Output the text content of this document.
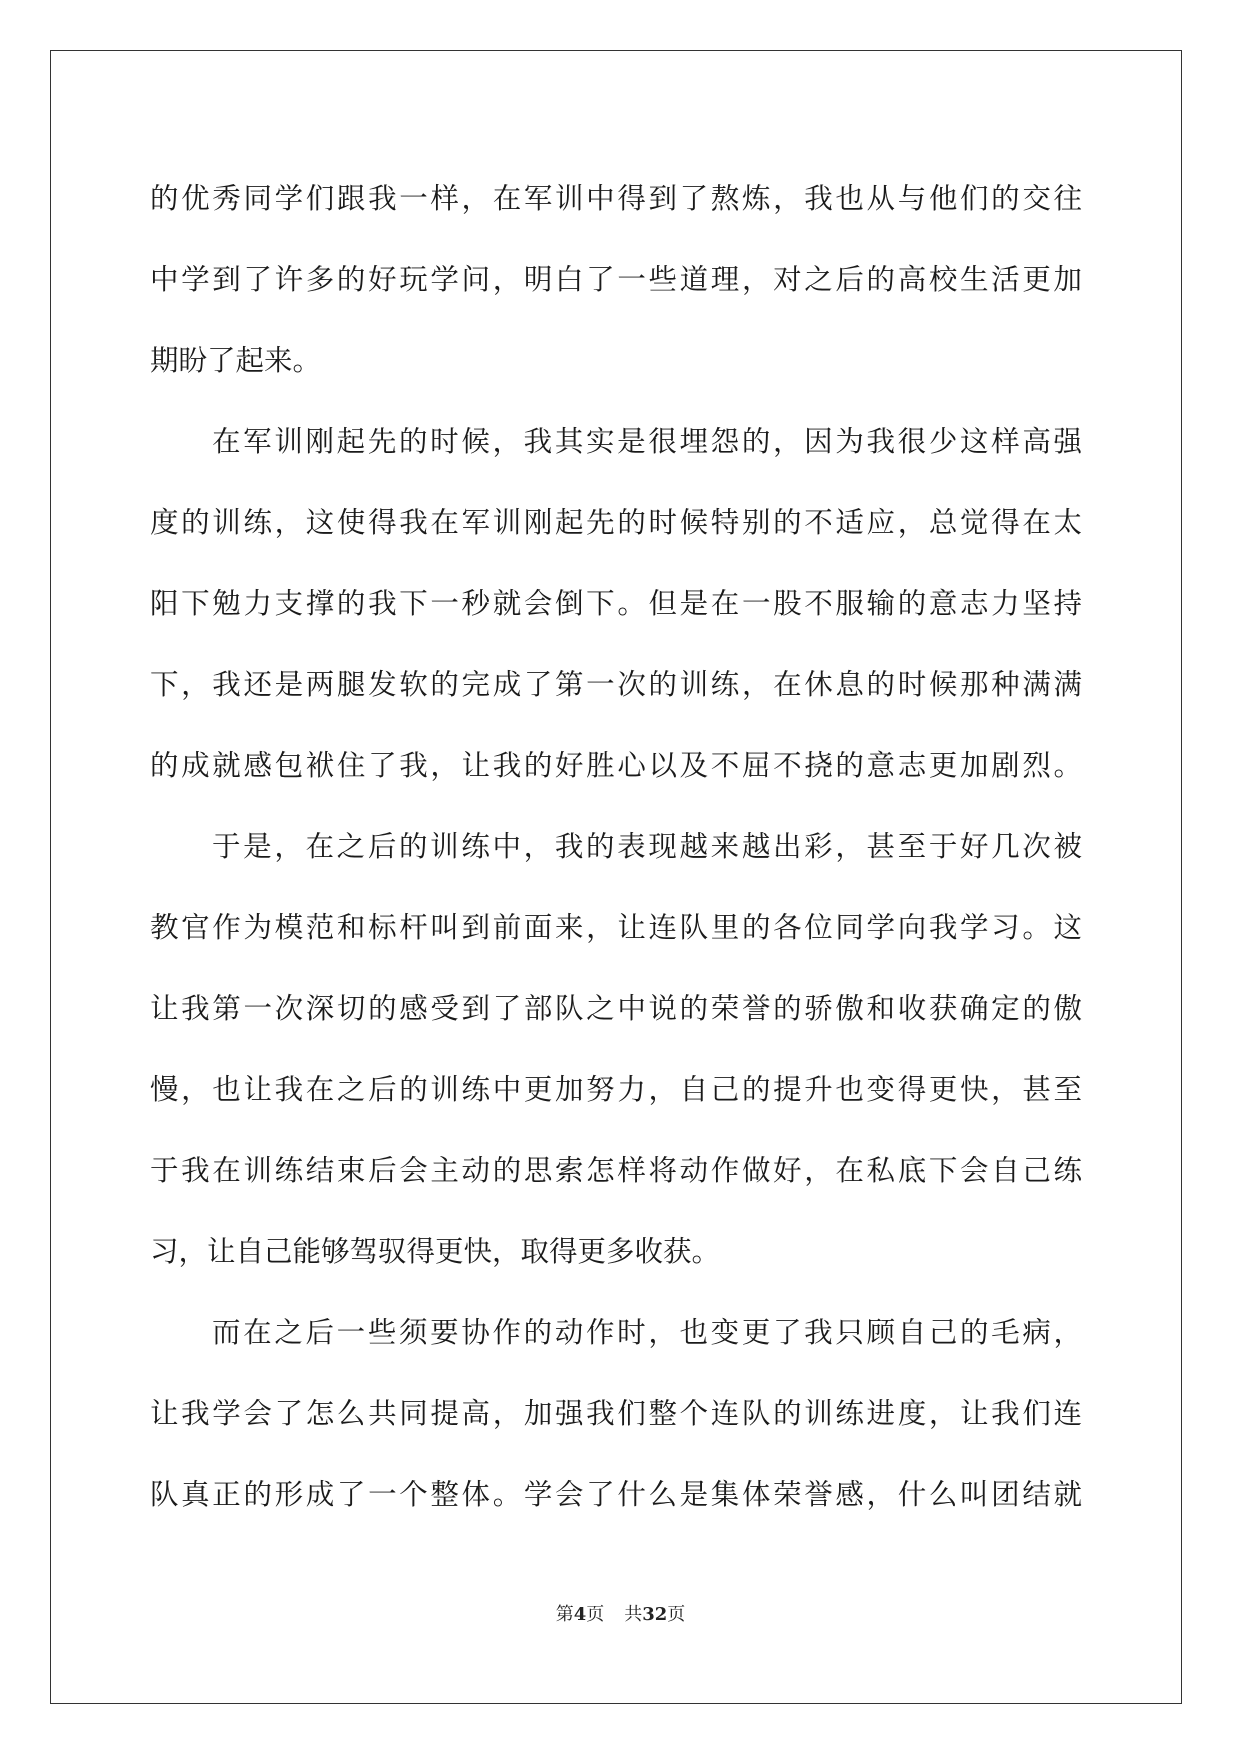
的优秀同学们跟我一样，在军训中得到了熬炼，我也从与他们的交往
中学到了许多的好玩学问，明白了一些道理，对之后的高校生活更加
期盼了起来。
在军训刚起先的时候，我其实是很埋怨的，因为我很少这样高强
度的训练，这使得我在军训刚起先的时候特别的不适应，总觉得在太
阳下勉力支撑的我下一秒就会倒下。但是在一股不服输的意志力坚持
下，我还是两腿发软的完成了第一次的训练，在休息的时候那种满满
的成就感包袱住了我，让我的好胜心以及不屈不挠的意志更加剧烈。
于是，在之后的训练中，我的表现越来越出彩，甚至于好几次被
教官作为模范和标杆叫到前面来，让连队里的各位同学向我学习。这
让我第一次深切的感受到了部队之中说的荣誉的骄傲和收获确定的傲
慢，也让我在之后的训练中更加努力，自己的提升也变得更快，甚至
于我在训练结束后会主动的思索怎样将动作做好，在私底下会自己练
习，让自己能够驾驭得更快，取得更多收获。
而在之后一些须要协作的动作时，也变更了我只顾自己的毛病，
让我学会了怎么共同提高，加强我们整个连队的训练进度，让我们连
队真正的形成了一个整体。学会了什么是集体荣誉感，什么叫团结就
第4页 共32页
